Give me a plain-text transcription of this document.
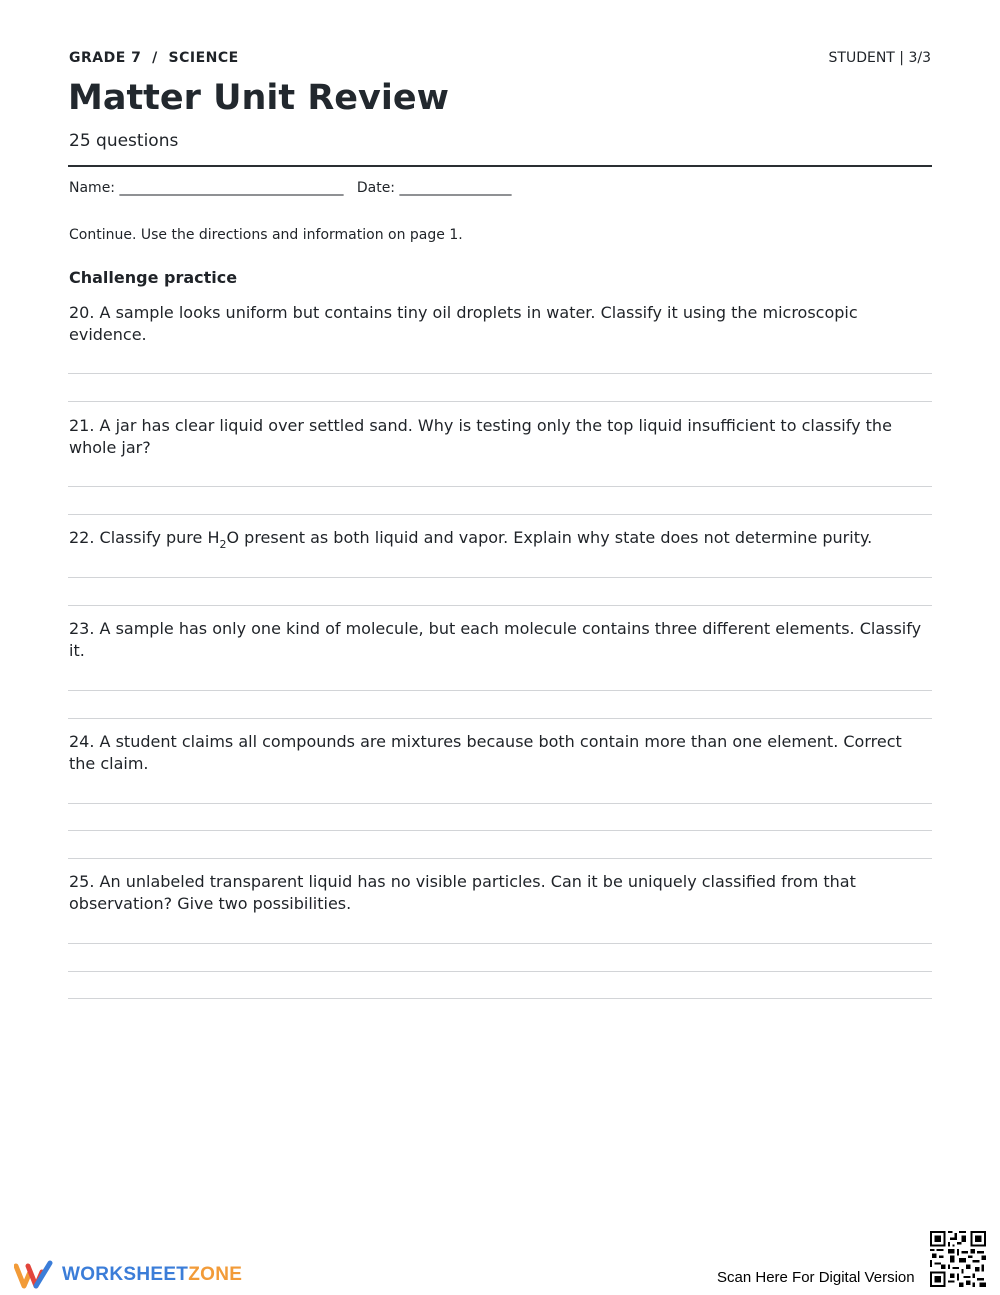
GRADE 7  /  SCIENCE	STUDENT | 3/3
Matter Unit Review
25 questions
Name: ________________________________ Date: ________________
Continue. Use the directions and information on page 1.
Challenge practice
20. A sample looks uniform but contains tiny oil droplets in water. Classify it using the microscopic evidence.
21. A jar has clear liquid over settled sand. Why is testing only the top liquid insufficient to classify the whole jar?
22. Classify pure $H_2O$ present as both liquid and vapor. Explain why state does not determine purity.
23. A sample has only one kind of molecule, but each molecule contains three different elements. Classify it.
24. A student claims all compounds are mixtures because both contain more than one element. Correct the claim.
25. An unlabeled transparent liquid has no visible particles. Can it be uniquely classified from that observation? Give two possibilities.
WORKSHEETZONE	Scan Here For Digital Version
